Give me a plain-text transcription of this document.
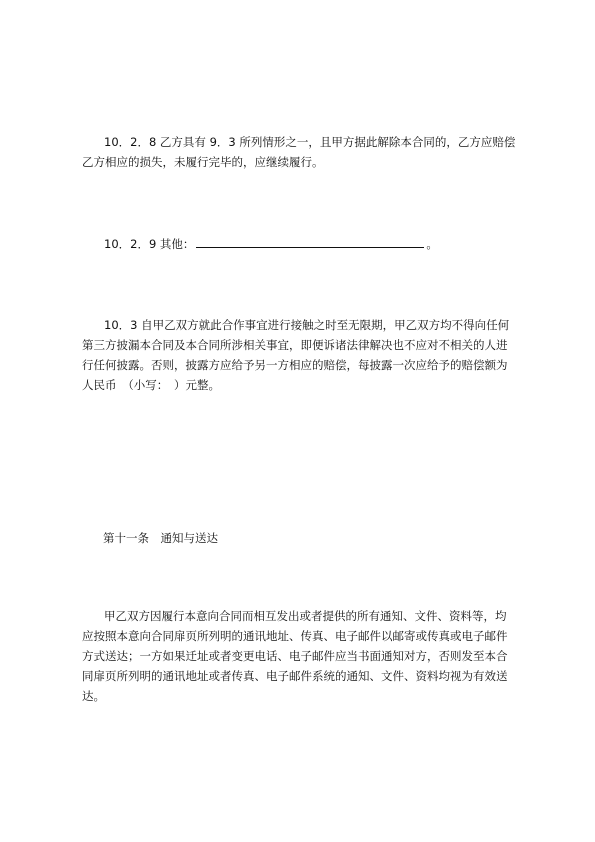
10．2．8 乙方具有 9．3 所列情形之一，且甲方据此解除本合同的，乙方应赔偿
乙方相应的损失，未履行完毕的，应继续履行。

10．2．9 其他：	。

10．3 自甲乙双方就此合作事宜进行接触之时至无限期，甲乙双方均不得向任何
第三方披漏本合同及本合同所涉相关事宜，即便诉诸法律解决也不应对不相关的人进
行任何披露。否则，披露方应给予另一方相应的赔偿，每披露一次应给予的赔偿额为
人民币　（小写：　）元整。

第十一条　通知与送达

甲乙双方因履行本意向合同而相互发出或者提供的所有通知、文件、资料等，均
应按照本意向合同扉页所列明的通讯地址、传真、电子邮件以邮寄或传真或电子邮件
方式送达；一方如果迁址或者变更电话、电子邮件应当书面通知对方，否则发至本合
同扉页所列明的通讯地址或者传真、电子邮件系统的通知、文件、资料均视为有效送
达。
